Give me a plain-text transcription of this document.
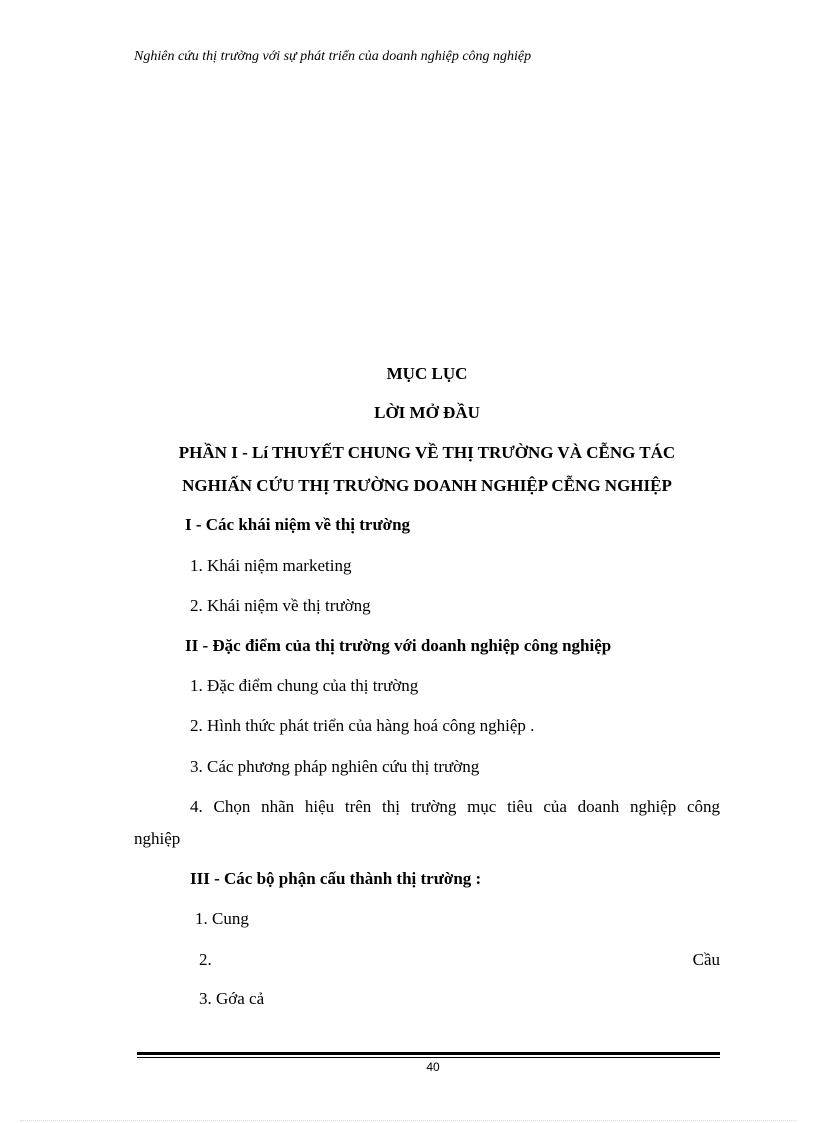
Nghiên cứu thị trường với sự phát triển của doanh nghiệp công nghiệp
MỤC LỤC
LỜI MỞ ĐẦU
PHẦN I - Lí THUYẾT CHUNG VỀ THỊ TRƯỜNG VÀ CỄNG TÁC
NGHIẤN CỨU THỊ TRƯỜNG DOANH NGHIỆP CỄNG NGHIỆP
I - Các khái niệm về thị trường
1. Khái niệm marketing
2. Khái niệm về thị trường
II - Đặc điểm của thị trường với doanh nghiệp công nghiệp
1. Đặc điểm chung của thị trường
2. Hình thức phát triển của hàng hoá công nghiệp .
3. Các phương pháp nghiên cứu thị trường
4. Chọn nhãn hiệu trên thị trường mục tiêu của doanh nghiệp công
nghiệp
III - Các bộ phận cấu thành thị trường :
1. Cung
2.	Cầu
3. Gớa cả
40
